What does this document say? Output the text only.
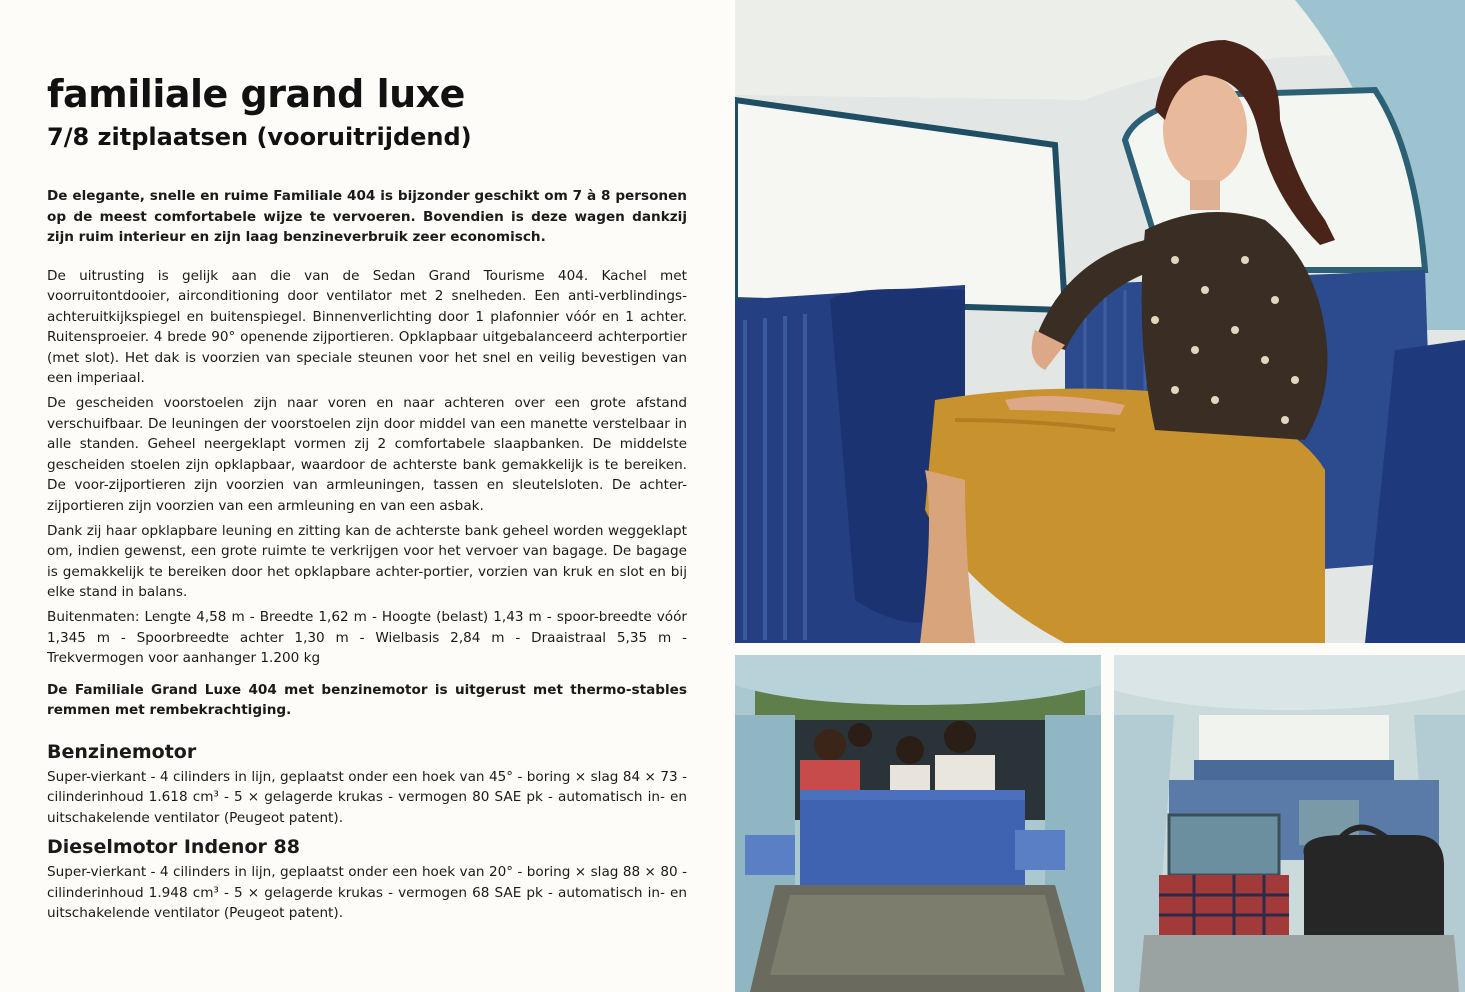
familiale grand luxe
7/8 zitplaatsen (vooruitrijdend)

De elegante, snelle en ruime Familiale 404 is bijzonder geschikt om 7 à 8 personen op de meest comfortabele wijze te vervoeren. Bovendien is deze wagen dankzij zijn ruim interieur en zijn laag benzineverbruik zeer economisch.

De uitrusting is gelijk aan die van de Sedan Grand Tourisme 404. Kachel met voorruitontdooier, airconditioning door ventilator met 2 snelheden. Een anti-verblindings-achteruitkijkspiegel en buitenspiegel. Binnenverlichting door 1 plafonnier vóór en 1 achter. Ruitensproeier. 4 brede 90° openende zijportieren. Opklapbaar uitgebalanceerd achterportier (met slot). Het dak is voorzien van speciale steunen voor het snel en veilig bevestigen van een imperiaal.

De gescheiden voorstoelen zijn naar voren en naar achteren over een grote afstand verschuifbaar. De leuningen der voorstoelen zijn door middel van een manette verstelbaar in alle standen. Geheel neergeklapt vormen zij 2 comfortabele slaapbanken. De middelste gescheiden stoelen zijn opklapbaar, waardoor de achterste bank gemakkelijk is te bereiken. De voor-zijportieren zijn voorzien van armleuningen, tassen en sleutelsloten. De achter-zijportieren zijn voorzien van een armleuning en van een asbak.

Dank zij haar opklapbare leuning en zitting kan de achterste bank geheel worden weggeklapt om, indien gewenst, een grote ruimte te verkrijgen voor het vervoer van bagage. De bagage is gemakkelijk te bereiken door het opklapbare achter-portier, vorzien van kruk en slot en bij elke stand in balans.

Buitenmaten: Lengte 4,58 m - Breedte 1,62 m - Hoogte (belast) 1,43 m - spoor-breedte vóór 1,345 m - Spoorbreedte achter 1,30 m - Wielbasis 2,84 m - Draaistraal 5,35 m - Trekvermogen voor aanhanger 1.200 kg

De Familiale Grand Luxe 404 met benzinemotor is uitgerust met thermo-stables remmen met rembekrachtiging.

Benzinemotor

Super-vierkant - 4 cilinders in lijn, geplaatst onder een hoek van 45° - boring × slag 84 × 73 - cilinderinhoud 1.618 cm³ - 5 × gelagerde krukas - vermogen 80 SAE pk - automatisch in- en uitschakelende ventilator (Peugeot patent).

Dieselmotor Indenor 88

Super-vierkant - 4 cilinders in lijn, geplaatst onder een hoek van 20° - boring × slag 88 × 80 - cilinderinhoud 1.948 cm³ - 5 × gelagerde krukas - vermogen 68 SAE pk - automatisch in- en uitschakelende ventilator (Peugeot patent).
